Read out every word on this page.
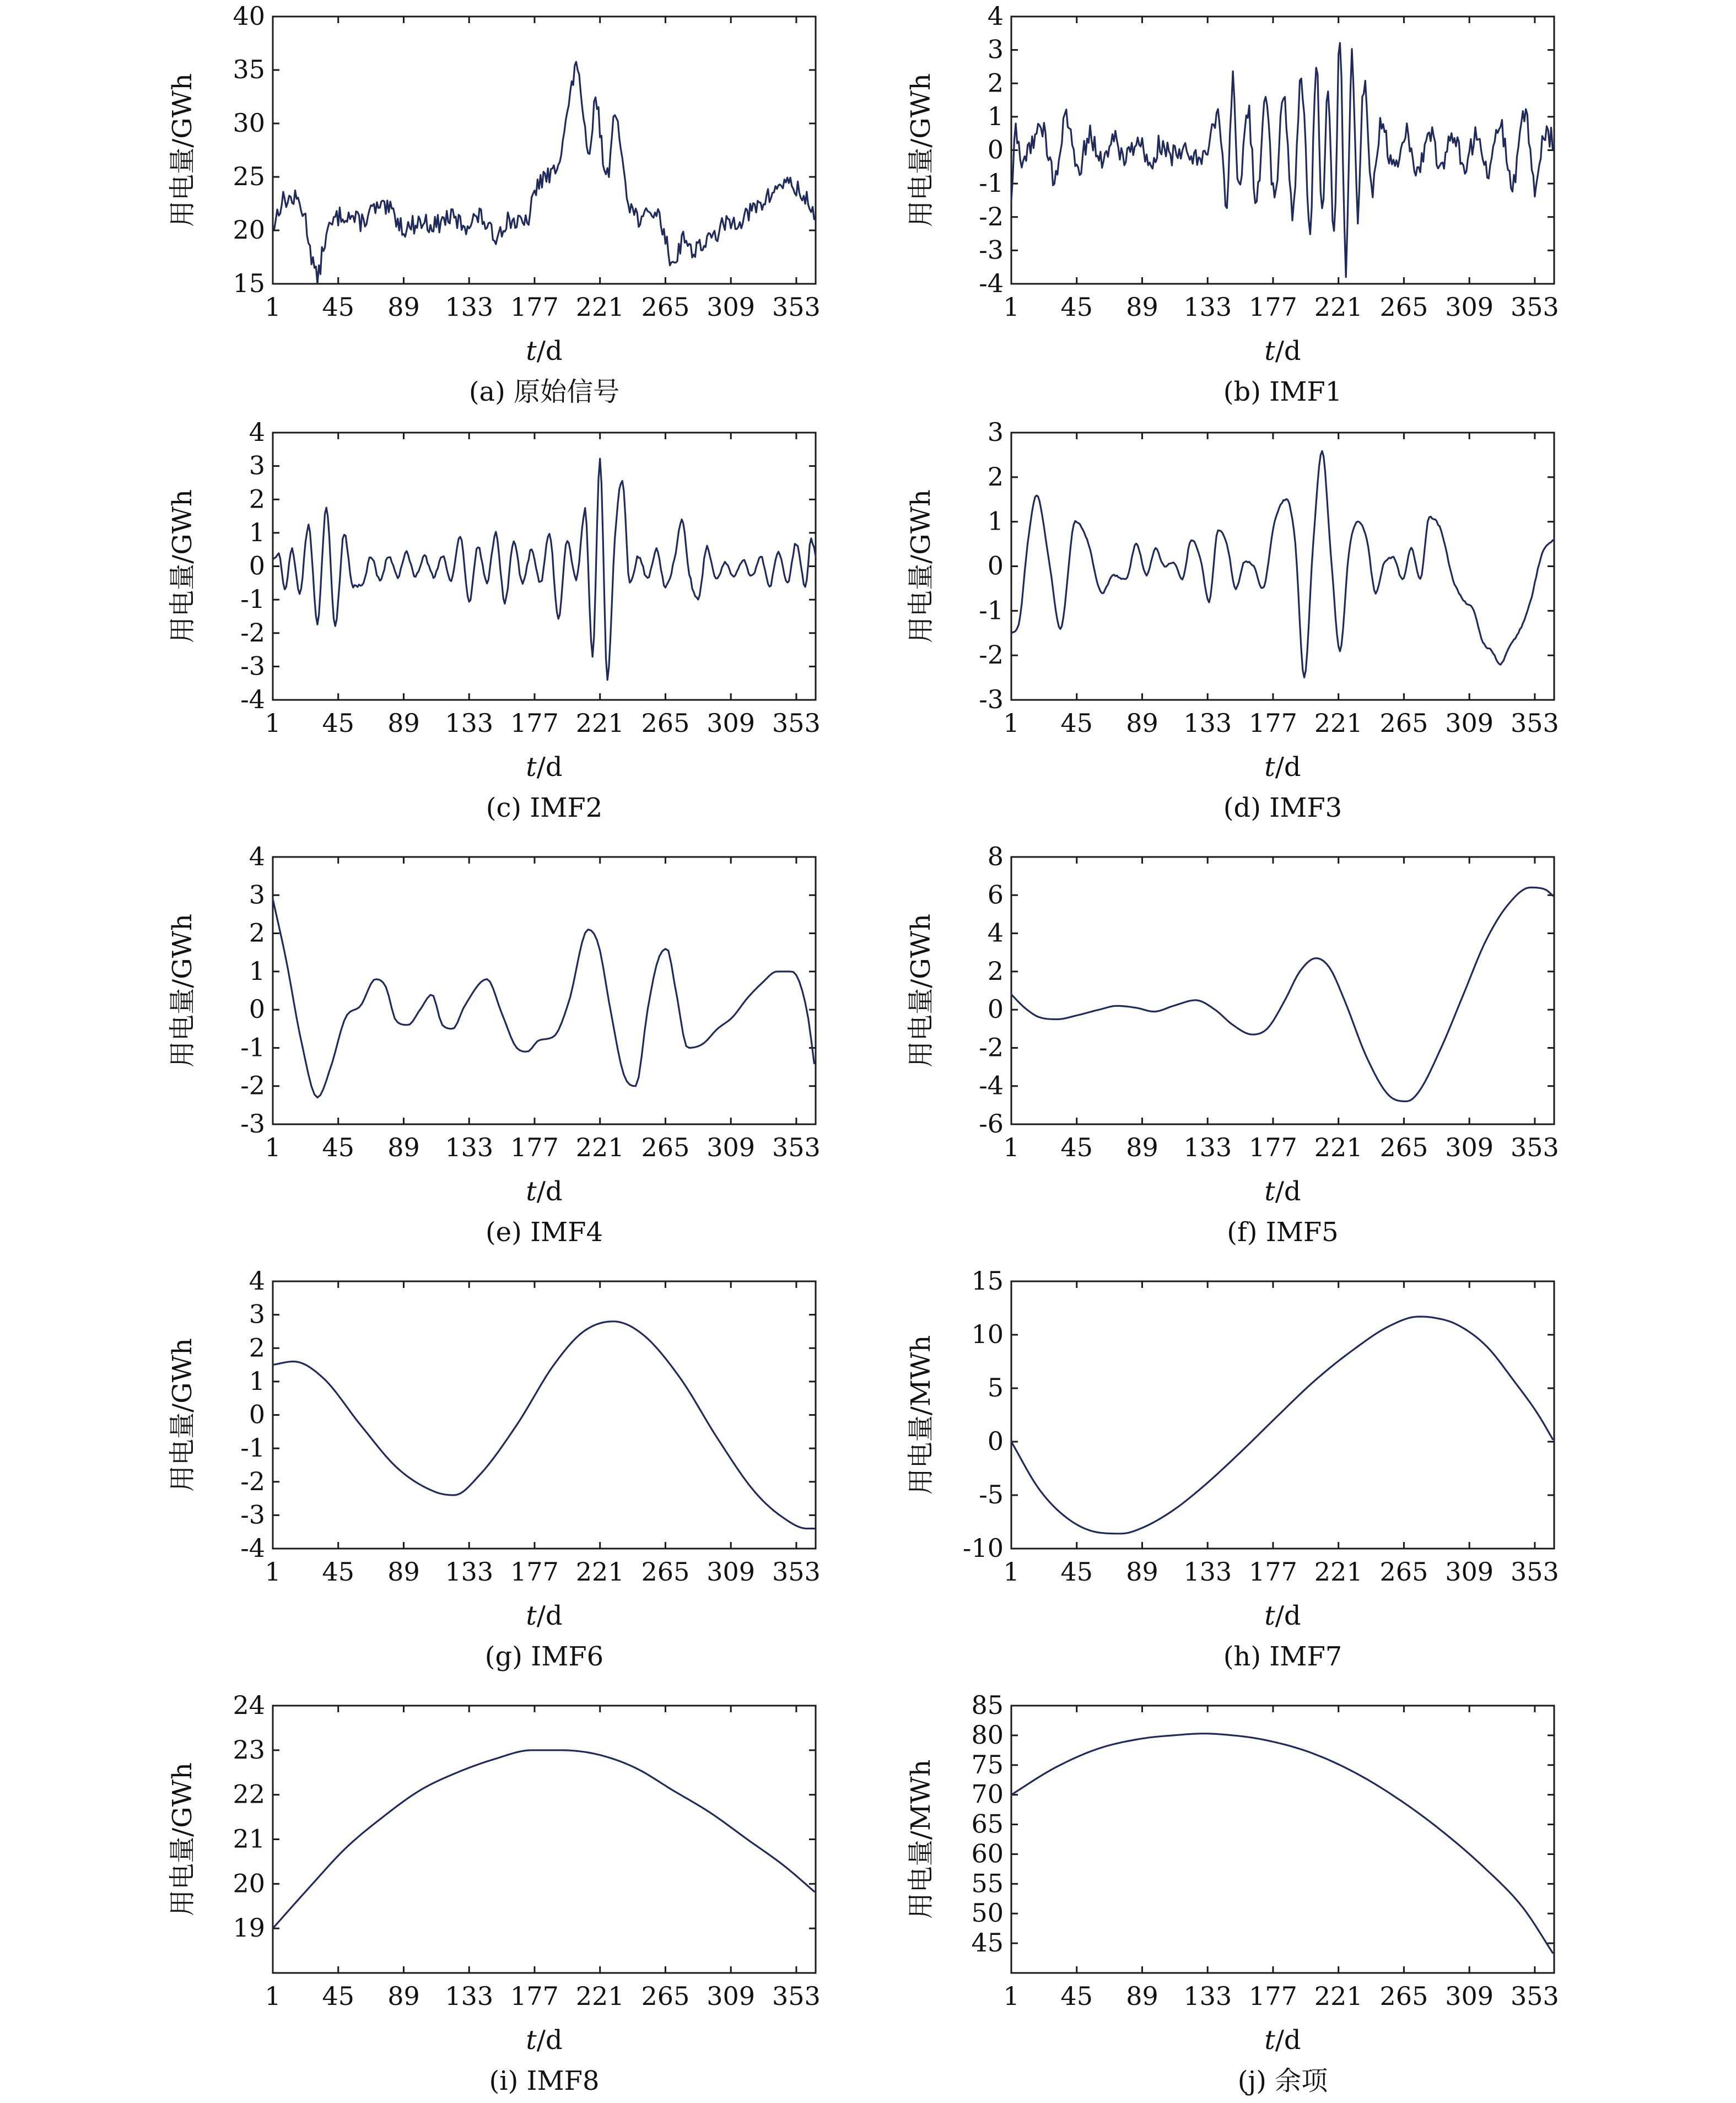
15
20
25
30
35
40
1 45 89 133 177 221 265 309 353
t/d
用电量/GWh
(a) 原始信号
-4
-3
-2
-1
0
1
2
3
4
1 45 89 133 177 221 265 309 353
t/d
用电量/GWh
(b) IMF1
-4
-3
-2
-1
0
1
2
3
4
1 45 89 133 177 221 265 309 353
t/d
用电量/GWh
(c) IMF2
-3
-2
-1
0
1
2
3
1 45 89 133 177 221 265 309 353
t/d
用电量/GWh
(d) IMF3
-3
-2
-1
0
1
2
3
4
1 45 89 133 177 221 265 309 353
t/d
用电量/GWh
(e) IMF4
-6
-4
-2
0
2
4
6
8
1 45 89 133 177 221 265 309 353
t/d
用电量/GWh
(f) IMF5
-4
-3
-2
-1
0
1
2
3
4
1 45 89 133 177 221 265 309 353
t/d
用电量/GWh
(g) IMF6
-10
-5
0
5
10
15
1 45 89 133 177 221 265 309 353
t/d
用电量/MWh
(h) IMF7
19
20
21
22
23
24
1 45 89 133 177 221 265 309 353
t/d
用电量/GWh
(i) IMF8
45
50
55
60
65
70
75
80
85
1 45 89 133 177 221 265 309 353
t/d
用电量/MWh
(j) 余项
